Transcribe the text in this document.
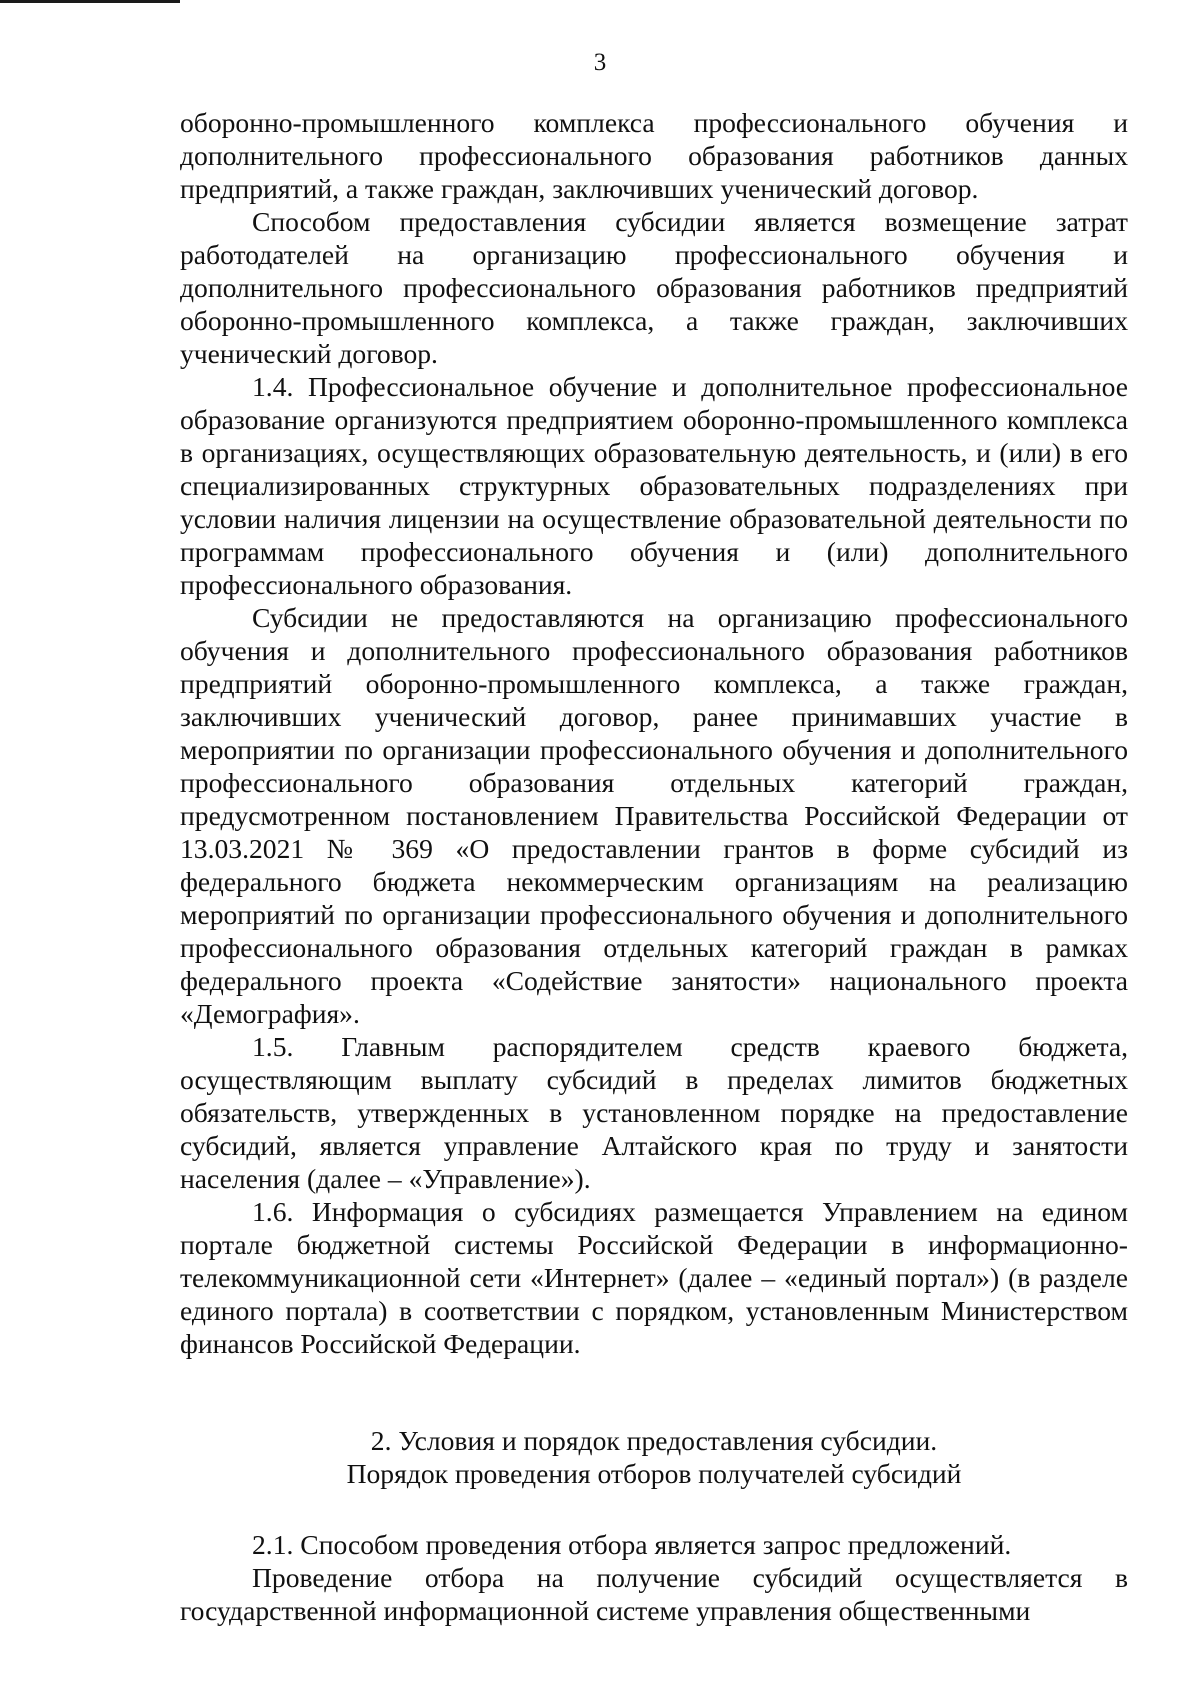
3

оборонно-промышленного комплекса профессионального обучения и дополнительного профессионального образования работников данных предприятий, а также граждан, заключивших ученический договор.

Способом предоставления субсидии является возмещение затрат работодателей на организацию профессионального обучения и дополнительного профессионального образования работников предприятий оборонно-промышленного комплекса, а также граждан, заключивших ученический договор.

1.4. Профессиональное обучение и дополнительное профессиональное образование организуются предприятием оборонно-промышленного комплекса в организациях, осуществляющих образовательную деятельность, и (или) в его специализированных структурных образовательных подразделениях при условии наличия лицензии на осуществление образовательной деятельности по программам профессионального обучения и (или) дополнительного профессионального образования.

Субсидии не предоставляются на организацию профессионального обучения и дополнительного профессионального образования работников предприятий оборонно-промышленного комплекса, а также граждан, заключивших ученический договор, ранее принимавших участие в мероприятии по организации профессионального обучения и дополнительного профессионального образования отдельных категорий граждан, предусмотренном постановлением Правительства Российской Федерации от 13.03.2021 № 369 «О предоставлении грантов в форме субсидий из федерального бюджета некоммерческим организациям на реализацию мероприятий по организации профессионального обучения и дополнительного профессионального образования отдельных категорий граждан в рамках федерального проекта «Содействие занятости» национального проекта «Демография».

1.5. Главным распорядителем средств краевого бюджета, осуществляющим выплату субсидий в пределах лимитов бюджетных обязательств, утвержденных в установленном порядке на предоставление субсидий, является управление Алтайского края по труду и занятости населения (далее – «Управление»).

1.6. Информация о субсидиях размещается Управлением на едином портале бюджетной системы Российской Федерации в информационно-телекоммуникационной сети «Интернет» (далее – «единый портал») (в разделе единого портала) в соответствии с порядком, установленным Министерством финансов Российской Федерации.

2. Условия и порядок предоставления субсидии.
Порядок проведения отборов получателей субсидий

2.1. Способом проведения отбора является запрос предложений.

Проведение отбора на получение субсидий осуществляется в государственной информационной системе управления общественными
